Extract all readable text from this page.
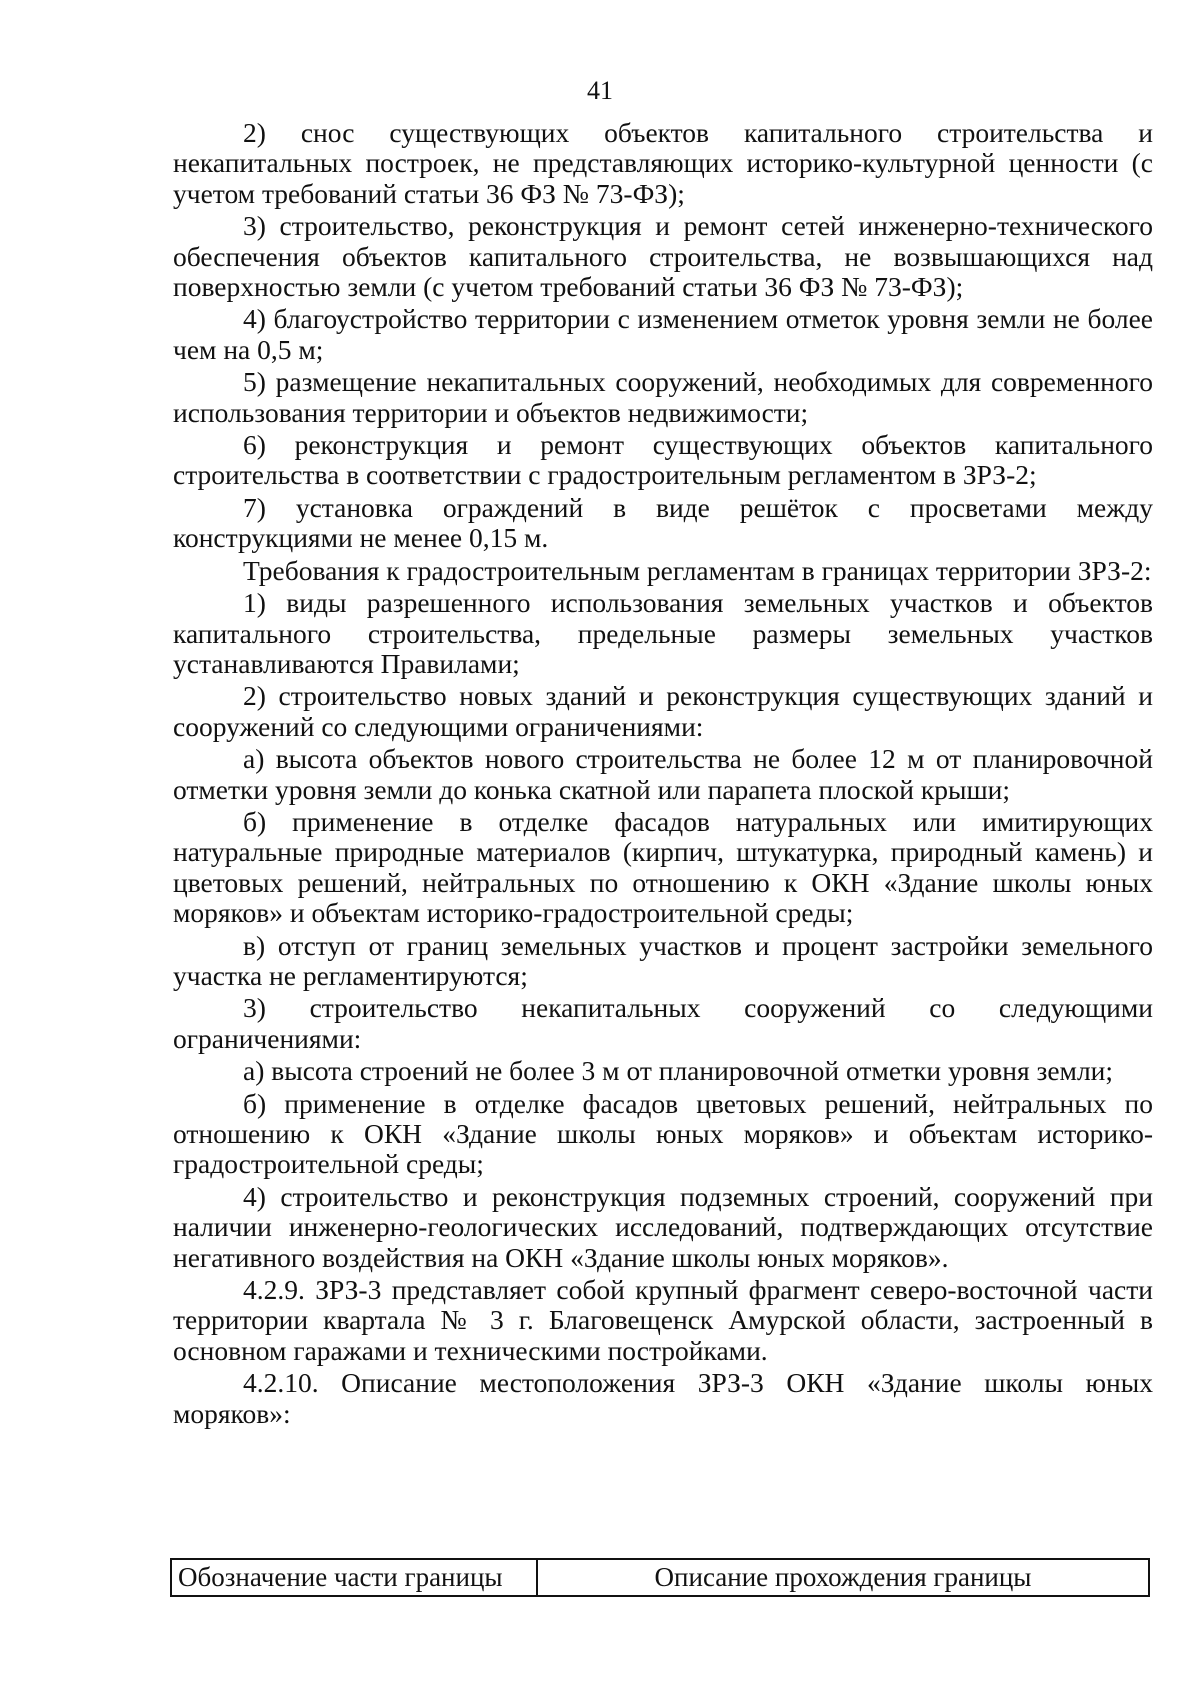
41

2) снос существующих объектов капитального строительства и некапитальных построек, не представляющих историко-культурной ценности (с учетом требований статьи 36 ФЗ № 73-ФЗ);

3) строительство, реконструкция и ремонт сетей инженерно-технического обеспечения объектов капитального строительства, не возвышающихся над поверхностью земли (с учетом требований статьи 36 ФЗ № 73-ФЗ);

4) благоустройство территории с изменением отметок уровня земли не более чем на 0,5 м;

5) размещение некапитальных сооружений, необходимых для современного использования территории и объектов недвижимости;

6) реконструкция и ремонт существующих объектов капитального строительства в соответствии с градостроительным регламентом в ЗРЗ-2;

7) установка ограждений в виде решёток с просветами между конструкциями не менее 0,15 м.

Требования к градостроительным регламентам в границах территории ЗРЗ-2:

1) виды разрешенного использования земельных участков и объектов капитального строительства, предельные размеры земельных участков устанавливаются Правилами;

2) строительство новых зданий и реконструкция существующих зданий и сооружений со следующими ограничениями:

а) высота объектов нового строительства не более 12 м от планировочной отметки уровня земли до конька скатной или парапета плоской крыши;

б) применение в отделке фасадов натуральных или имитирующих натуральные природные материалов (кирпич, штукатурка, природный камень) и цветовых решений, нейтральных по отношению к ОКН «Здание школы юных моряков» и объектам историко-градостроительной среды;

в) отступ от границ земельных участков и процент застройки земельного участка не регламентируются;

3) строительство некапитальных сооружений со следующими ограничениями:

а) высота строений не более 3 м от планировочной отметки уровня земли;

б) применение в отделке фасадов цветовых решений, нейтральных по отношению к ОКН «Здание школы юных моряков» и объектам историко-градостроительной среды;

4) строительство и реконструкция подземных строений, сооружений при наличии инженерно-геологических исследований, подтверждающих отсутствие негативного воздействия на ОКН «Здание школы юных моряков».

4.2.9. ЗРЗ-3 представляет собой крупный фрагмент северо-восточной части территории квартала № 3 г. Благовещенск Амурской области, застроенный в основном гаражами и техническими постройками.

4.2.10. Описание местоположения ЗРЗ-3 ОКН «Здание школы юных моряков»:

Обозначение части границы	Описание прохождения границы
